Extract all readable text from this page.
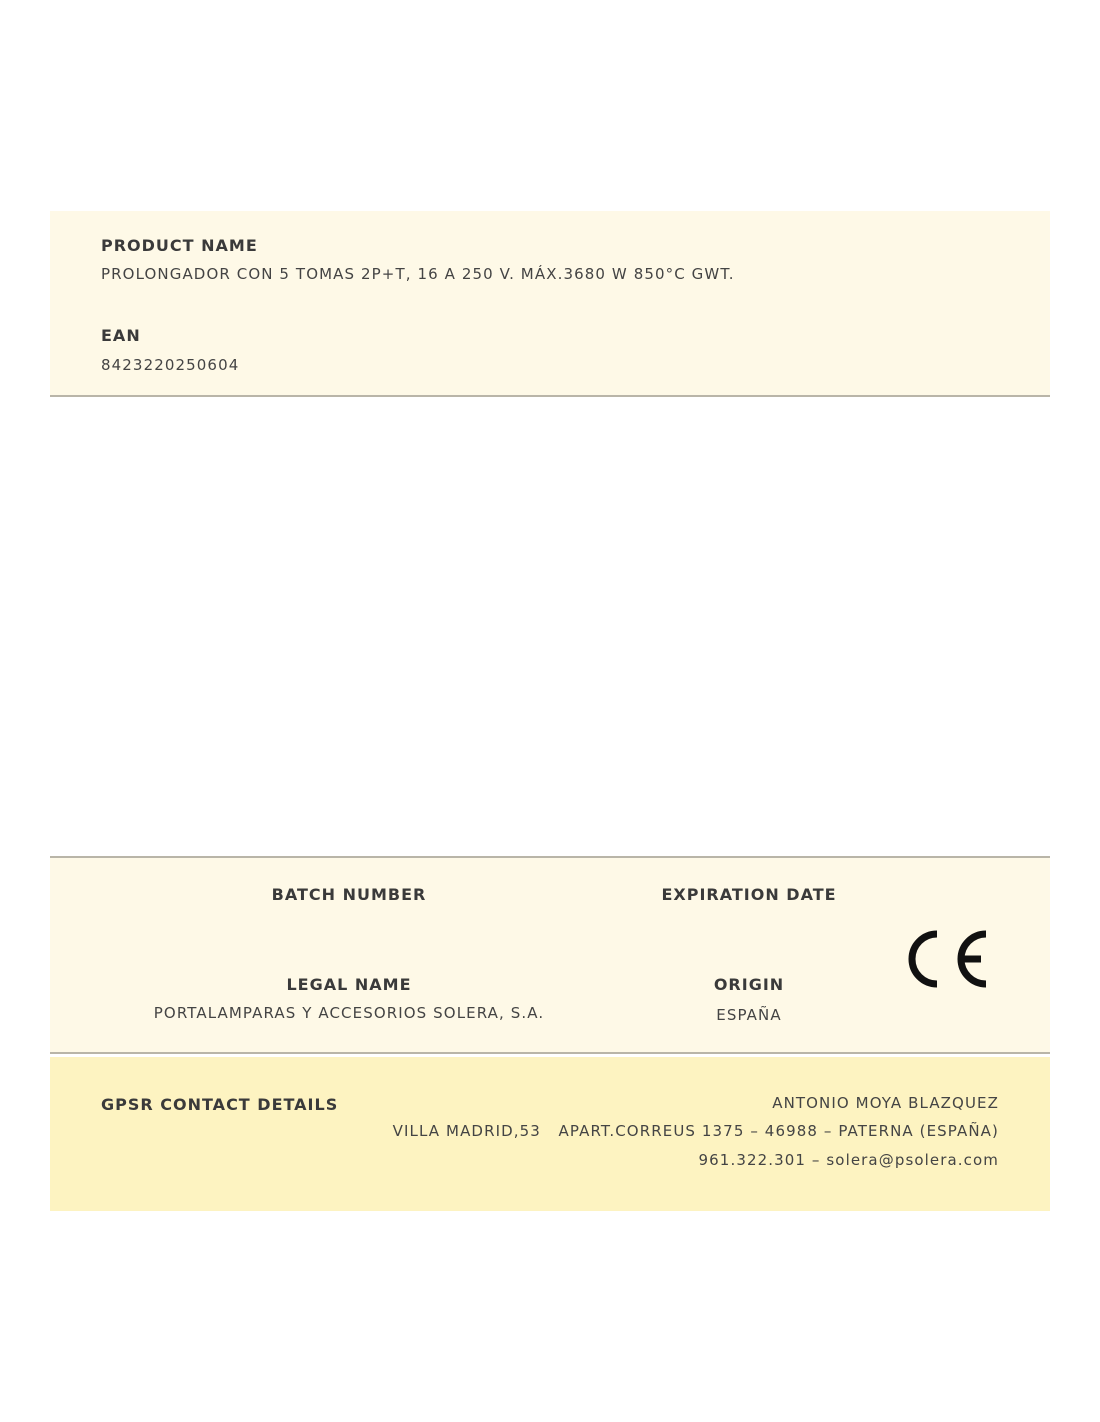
PRODUCT NAME
PROLONGADOR CON 5 TOMAS 2P+T, 16 A 250 V. MÁX.3680 W 850°C GWT.
EAN
8423220250604
BATCH NUMBER	EXPIRATION DATE
LEGAL NAME
PORTALAMPARAS Y ACCESORIOS SOLERA, S.A.
ORIGIN
ESPAÑA
GPSR CONTACT DETAILS	ANTONIO MOYA BLAZQUEZ
VILLA MADRID,53   APART.CORREUS 1375 – 46988 – PATERNA (ESPAÑA)
961.322.301 – solera@psolera.com
